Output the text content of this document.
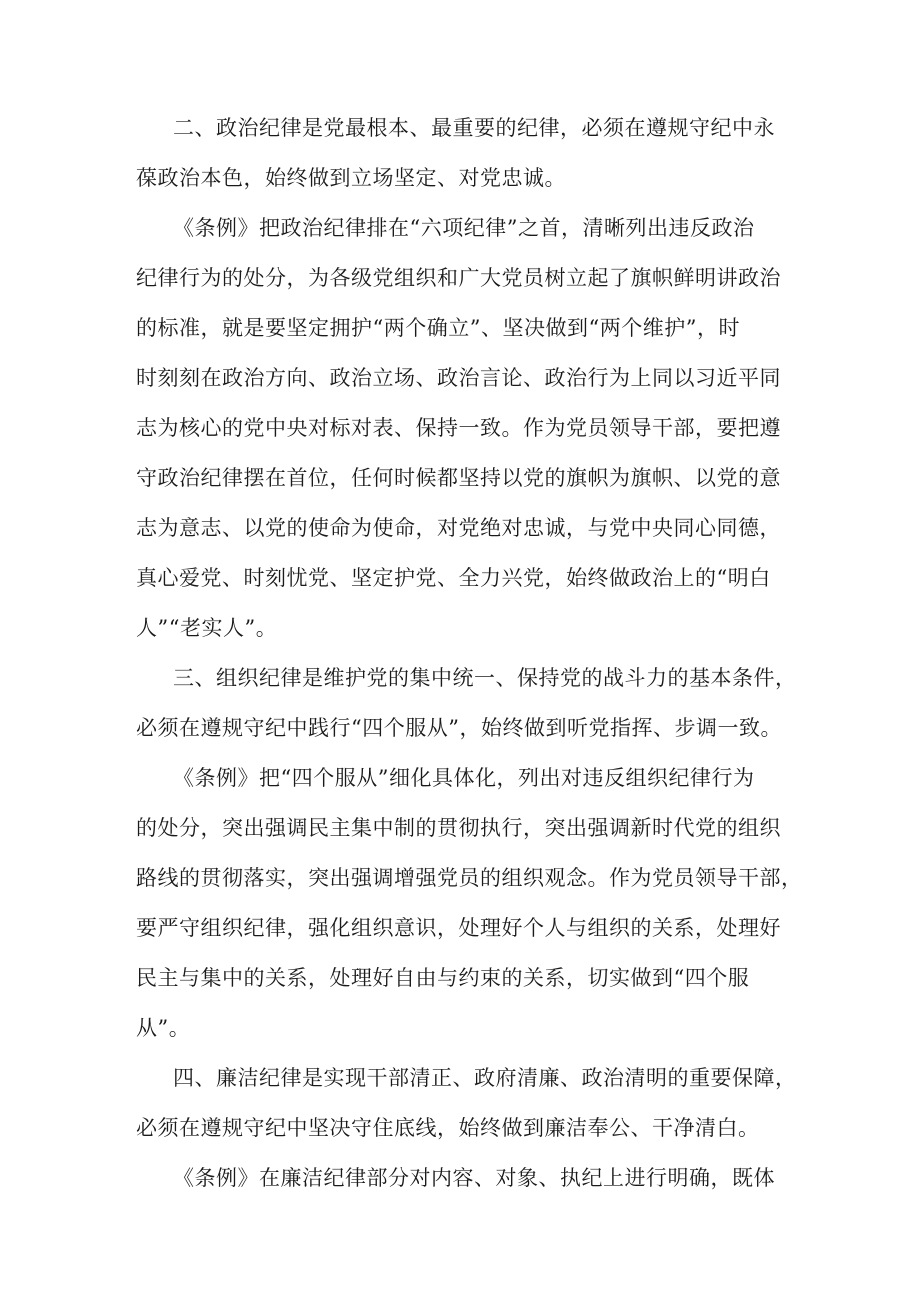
二、政治纪律是党最根本、最重要的纪律，必须在遵规守纪中永
葆政治本色，始终做到立场坚定、对党忠诚。
《条例》把政治纪律排在“六项纪律”之首，清晰列出违反政治
纪律行为的处分，为各级党组织和广大党员树立起了旗帜鲜明讲政治
的标准，就是要坚定拥护“两个确立”、坚决做到“两个维护”，时
时刻刻在政治方向、政治立场、政治言论、政治行为上同以习近平同
志为核心的党中央对标对表、保持一致。作为党员领导干部，要把遵
守政治纪律摆在首位，任何时候都坚持以党的旗帜为旗帜、以党的意
志为意志、以党的使命为使命，对党绝对忠诚，与党中央同心同德，
真心爱党、时刻忧党、坚定护党、全力兴党，始终做政治上的“明白
人”“老实人”。
三、组织纪律是维护党的集中统一、保持党的战斗力的基本条件，
必须在遵规守纪中践行“四个服从”，始终做到听党指挥、步调一致。
《条例》把“四个服从”细化具体化，列出对违反组织纪律行为
的处分，突出强调民主集中制的贯彻执行，突出强调新时代党的组织
路线的贯彻落实，突出强调增强党员的组织观念。作为党员领导干部，
要严守组织纪律，强化组织意识，处理好个人与组织的关系，处理好
民主与集中的关系，处理好自由与约束的关系，切实做到“四个服
从”。
四、廉洁纪律是实现干部清正、政府清廉、政治清明的重要保障，
必须在遵规守纪中坚决守住底线，始终做到廉洁奉公、干净清白。
《条例》在廉洁纪律部分对内容、对象、执纪上进行明确，既体
